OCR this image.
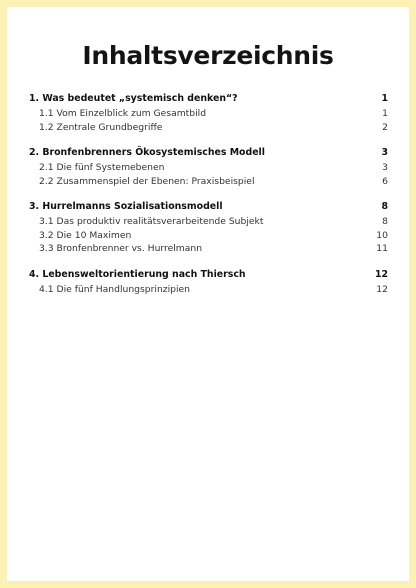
Inhaltsverzeichnis
1. Was bedeutet „systemisch denken“?	1
1.1 Vom Einzelblick zum Gesamtbild	1
1.2 Zentrale Grundbegriffe	2
2. Bronfenbrenners Ökosystemisches Modell	3
2.1 Die fünf Systemebenen	3
2.2 Zusammenspiel der Ebenen: Praxisbeispiel	6
3. Hurrelmanns Sozialisationsmodell	8
3.1 Das produktiv realitätsverarbeitende Subjekt	8
3.2 Die 10 Maximen	10
3.3 Bronfenbrenner vs. Hurrelmann	11
4. Lebensweltorientierung nach Thiersch	12
4.1 Die fünf Handlungsprinzipien	12
